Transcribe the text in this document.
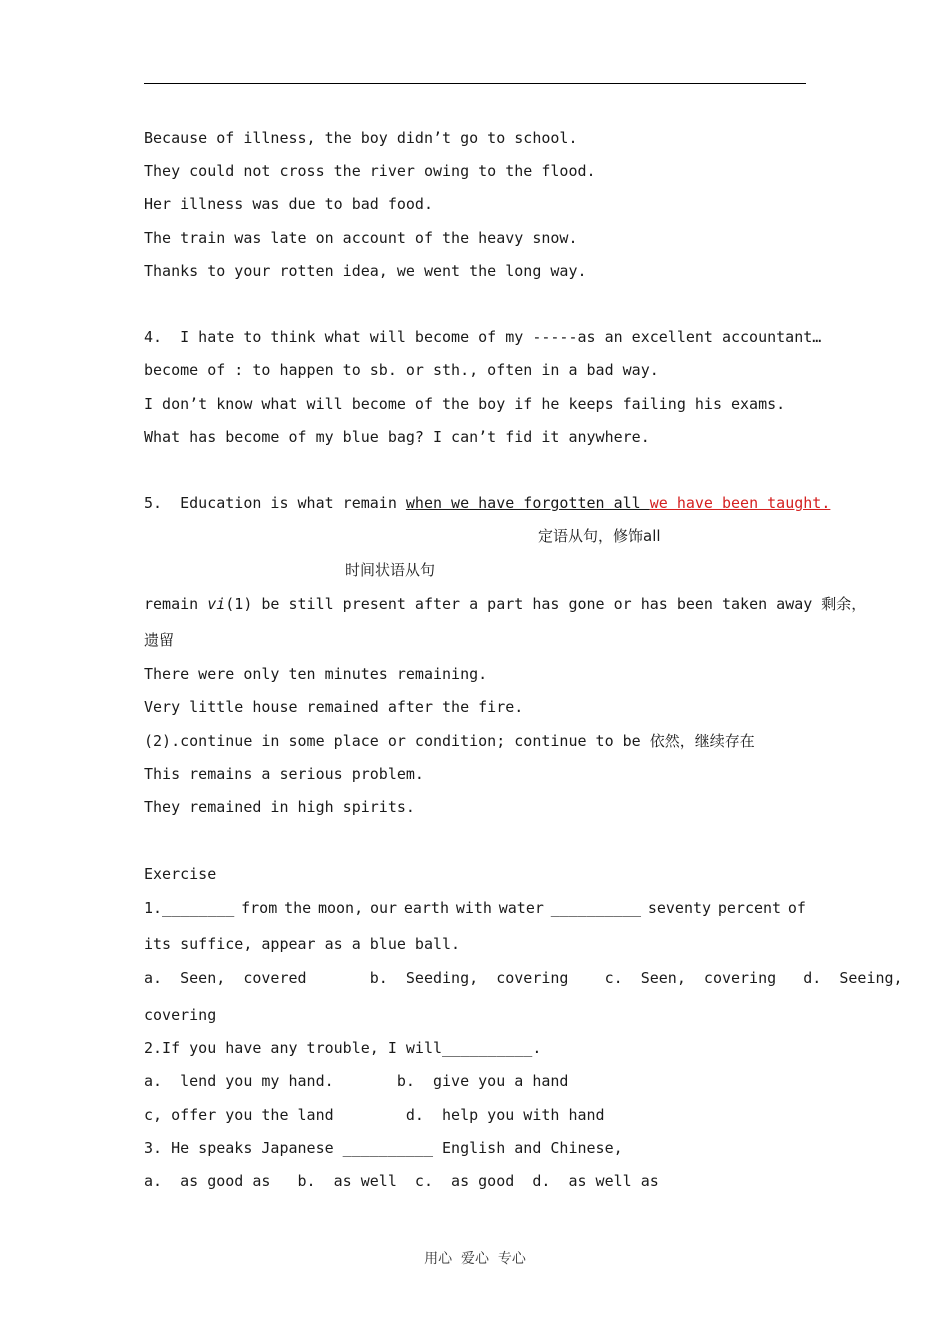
Because of illness, the boy didn’t go to school.
They could not cross the river owing to the flood.
Her illness was due to bad food.
The train was late on account of the heavy snow.
Thanks to your rotten idea, we went the long way.
4.  I hate to think what will become of my -----as an excellent accountant…
become of : to happen to sb. or sth., often in a bad way.
I don’t know what will become of the boy if he keeps failing his exams.
What has become of my blue bag? I can’t fid it anywhere.
5.  Education is what remain when we have forgotten all we have been taught.
定语从句，修饰all
时间状语从句
remain vi(1) be still present after a part has gone or has been taken away 剩余，
遗留
There were only ten minutes remaining.
Very little house remained after the fire.
(2).continue in some place or condition; continue to be 依然，继续存在
This remains a serious problem.
They remained in high spirits.
Exercise
1.________ from the moon, our earth with water __________ seventy percent of
its suffice, appear as a blue ball.
a.  Seen,  covered       b.  Seeding,  covering    c.  Seen,  covering   d.  Seeing,
covering
2.If you have any trouble, I will__________.
a.  lend you my hand.       b.  give you a hand
c, offer you the land        d.  help you with hand
3. He speaks Japanese __________ English and Chinese,
a.  as good as   b.  as well  c.  as good  d.  as well as
用心  爱心  专心
